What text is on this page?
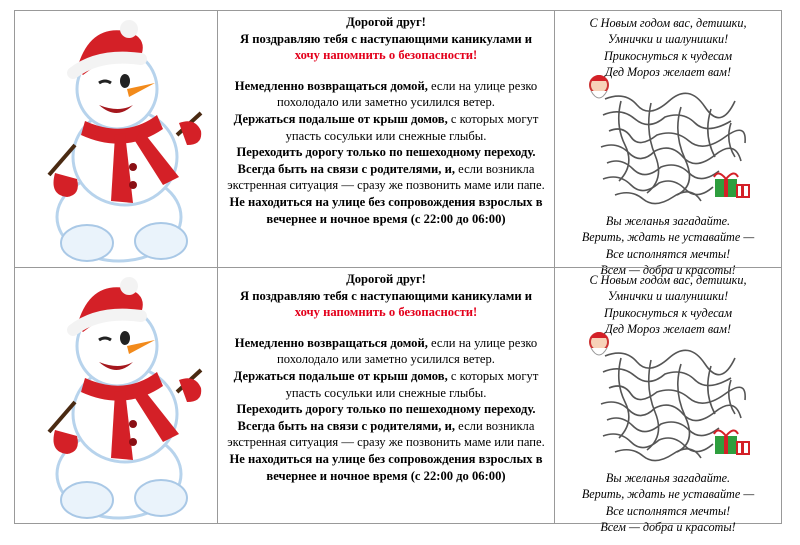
Дорогой друг!

Я поздравляю тебя с наступающими каникулами и

хочу напомнить о безопасности!

Немедленно возвращаться домой, если на улице резко похолодало или заметно усилился ветер.

Держаться подальше от крыш домов, с которых могут упасть сосульки или снежные глыбы.

Переходить дорогу только по пешеходному переходу.

Всегда быть на связи с родителями, и, если возникла экстренная ситуация — сразу же позвонить маме или папе.

Не находиться на улице без сопровождения взрослых в вечернее и ночное время (с 22:00 до 06:00)

С Новым годом вас, детишки,
Умнички и шалунишки!
Прикоснуться к чудесам
Дед Мороз желает вам!
Вы желанья загадайте.
Верить, ждать не уставайте —
Все исполнятся мечты!
Всем — добра и красоты!

Дорогой друг!

Я поздравляю тебя с наступающими каникулами и

хочу напомнить о безопасности!

Немедленно возвращаться домой, если на улице резко похолодало или заметно усилился ветер.

Держаться подальше от крыш домов, с которых могут упасть сосульки или снежные глыбы.

Переходить дорогу только по пешеходному переходу.

Всегда быть на связи с родителями, и, если возникла экстренная ситуация — сразу же позвонить маме или папе.

Не находиться на улице без сопровождения взрослых в вечернее и ночное время (с 22:00 до 06:00)

С Новым годом вас, детишки,
Умнички и шалунишки!
Прикоснуться к чудесам
Дед Мороз желает вам!
Вы желанья загадайте.
Верить, ждать не уставайте —
Все исполнятся мечты!
Всем — добра и красоты!
